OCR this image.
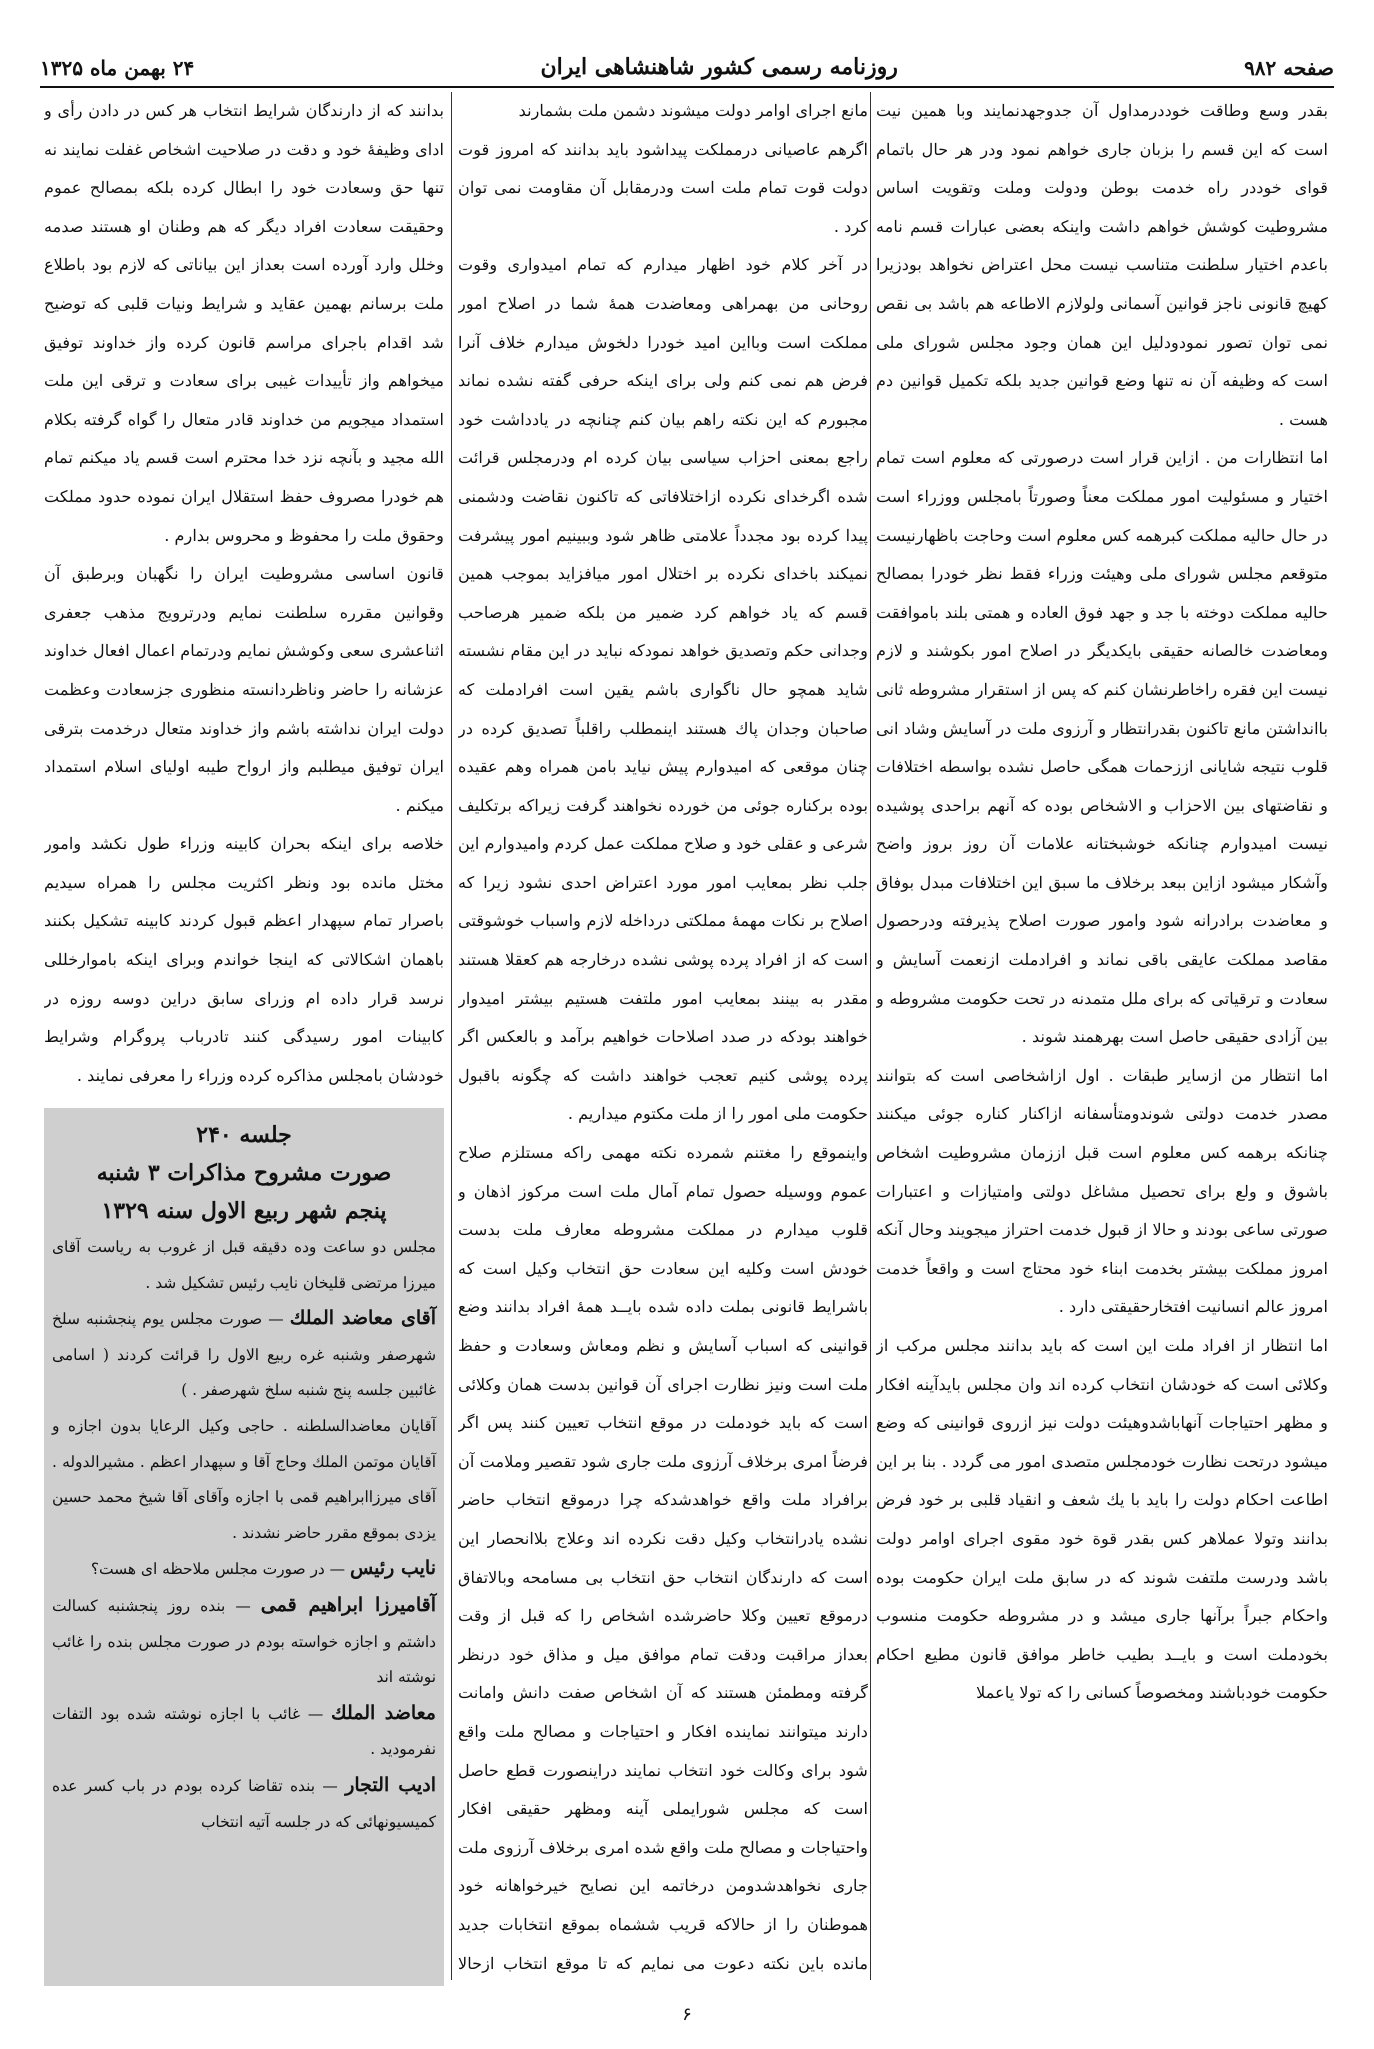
صفحه ۹۸۲
روزنامه رسمی کشور شاهنشاهی ایران
۲۴ بهمن ماه ۱۳۲۵

بقدر وسع وطاقت خوددرمداول آن جدوجهدنمایند وبا همین نیت است که این قسم را بزبان جاری خواهم نمود ودر هر حال باتمام قوای خوددر راه خدمت بوطن ودولت وملت وتقویت اساس مشروطیت کوشش خواهم داشت واینکه بعضی عبارات قسم نامه باعدم اختیار سلطنت متناسب نیست محل اعتراض نخواهد بودزیرا کهیچ قانونی ناجز قوانین آسمانی ولولازم الاطاعه هم باشد بی نقص نمی توان تصور نمودودلیل این همان وجود مجلس شورای ملی است که وظیفه آن نه تنها وضع قوانین جدید بلکه تکمیل قوانین دم هست .

اما انتظارات من . ازاین قرار است درصورتی که معلوم است تمام اختیار و مسئولیت امور مملکت معناً وصورتاً بامجلس ووزراء است در حال حالیه مملکت کبرهمه کس معلوم است وحاجت باظهارنیست متوقعم مجلس شورای ملی وهیئت وزراء فقط نظر خودرا بمصالح حالیه مملکت دوخته با جد و جهد فوق العاده و همتی بلند باموافقت ومعاضدت خالصانه حقیقی بایکدیگر در اصلاح امور بکوشند و لازم نیست این فقره راخاطرنشان کنم که پس از استقرار مشروطه ثانی باانداشتن مانع تاکنون بقدرانتظار و آرزوی ملت در آسایش وشاد انی قلوب نتیجه شایانی اززحمات همگی حاصل نشده بواسطه اختلافات و نقاضتهای بین الاحزاب و الاشخاص بوده که آنهم براحدی پوشیده نیست امیدوارم چنانکه خوشبختانه علامات آن روز بروز واضح وآشکار میشود ازاین ببعد برخلاف ما سبق این اختلافات مبدل بوفاق و معاضدت برادرانه شود وامور صورت اصلاح پذیرفته ودرحصول مقاصد مملکت عایقی باقی نماند و افرادملت ازنعمت آسایش و سعادت و ترقیاتی که برای ملل متمدنه در تحت حکومت مشروطه و بین آزادی حقیقی حاصل است بهرهمند شوند .

اما انتظار من ازسایر طبقات . اول ازاشخاصی است که بتوانند مصدر خدمت دولتی شوندومتأسفانه ازاکنار کناره جوئی میکنند چنانکه برهمه کس معلوم است قبل اززمان مشروطیت اشخاص باشوق و ولع برای تحصیل مشاغل دولتی وامتیازات و اعتبارات صورتی ساعی بودند و حالا از قبول خدمت احتراز میجویند وحال آنکه امروز مملکت بیشتر بخدمت ابناء خود محتاج است و واقعاً خدمت امروز عالم انسانیت افتخارحقیقتی دارد .

اما انتظار از افراد ملت این است که باید بدانند مجلس مرکب از وکلائی است که خودشان انتخاب کرده اند وان مجلس بایدآینه افکار و مظهر احتیاجات آنهاباشدوهیئت دولت نیز ازروی قوانینی که وضع میشود درتحت نظارت خودمجلس متصدی امور می گردد . بنا بر این اطاعت احکام دولت را باید با یك شعف و انقیاد قلبی بر خود فرض بدانند وتولا عملاهر کس بقدر قوة خود مقوی اجرای اوامر دولت باشد ودرست ملتفت شوند که در سابق ملت ایران حکومت بوده واحکام جبراً برآنها جاری میشد و در مشروطه حکومت منسوب بخودملت است و بایــد بطیب خاطر موافق قانون مطیع احکام حکومت خودباشند ومخصوصاً کسانی را که تولا یاعملا

مانع اجرای اوامر دولت میشوند دشمن ملت بشمارند

اگرهم عاصیانی درمملکت پیداشود باید بدانند که امروز قوت دولت قوت تمام ملت است ودرمقابل آن مقاومت نمی توان کرد .

در آخر کلام خود اظهار میدارم که تمام امیدواری وقوت روحانی من بهمراهی ومعاضدت همهٔ شما در اصلاح امور مملکت است وبااین امید خودرا دلخوش میدارم خلاف آنرا فرض هم نمی کنم ولی برای اینکه حرفی گفته نشده نماند مجبورم که این نکته راهم بیان کنم چنانچه در یادداشت خود راجع بمعنی احزاب سیاسی بیان کرده ام ودرمجلس قرائت شده اگرخدای نکرده ازاختلافاتی که تاکنون نقاضت ودشمنی پیدا کرده بود مجدداً علامتی ظاهر شود وببینیم امور پیشرفت نمیکند باخدای نکرده بر اختلال امور میافزاید بموجب همین قسم که یاد خواهم کرد ضمیر من بلکه ضمیر هرصاحب وجدانی حکم وتصدیق خواهد نمودکه نباید در این مقام نشسته شاید همچو حال ناگواری باشم یقین است افرادملت که صاحبان وجدان پاك هستند اینمطلب راقلباً تصدیق کرده در چنان موقعی که امیدوارم پیش نیاید بامن همراه وهم عقیده بوده برکناره جوئی من خورده نخواهند گرفت زیراکه برتکلیف شرعی و عقلی خود و صلاح مملکت عمل کردم وامیدوارم این جلب نظر بمعایب امور مورد اعتراض احدی نشود زیرا که اصلاح بر نکات مهمهٔ مملکتی درداخله لازم واسباب خوشوقتی است که از افراد پرده پوشی نشده درخارجه هم کعقلا هستند مقدر به بینند بمعایب امور ملتفت هستیم بیشتر امیدوار خواهند بودکه در صدد اصلاحات خواهیم برآمد و بالعکس اگر پرده پوشی کنیم تعجب خواهند داشت که چگونه باقبول حکومت ملی امور را از ملت مکتوم میداریم .

واینموقع را مغتنم شمرده نکته مهمی راکه مستلزم صلاح عموم ووسیله حصول تمام آمال ملت است مرکوز اذهان و قلوب میدارم در مملکت مشروطه معارف ملت بدست خودش است وکلیه این سعادت حق انتخاب وکیل است که باشرایط قانونی بملت داده شده بایــد همهٔ افراد بدانند وضع قوانینی که اسباب آسایش و نظم ومعاش وسعادت و حفظ ملت است ونیز نظارت اجرای آن قوانین بدست همان وکلائی است که باید خودملت در موقع انتخاب تعیین کنند پس اگر فرضاً امری برخلاف آرزوی ملت جاری شود تقصیر وملامت آن برافراد ملت واقع خواهدشدکه چرا درموقع انتخاب حاضر نشده یادرانتخاب وکیل دقت نکرده اند وعلاج بلاانحصار این است که دارندگان انتخاب حق انتخاب بی مسامحه وبالاتفاق درموقع تعیین وکلا حاضرشده اشخاص را که قبل از وقت بعداز مراقبت ودقت تمام موافق میل و مذاق خود درنظر گرفته ومطمئن هستند که آن اشخاص صفت دانش وامانت دارند میتوانند نماینده افکار و احتیاجات و مصالح ملت واقع شود برای وکالت خود انتخاب نمایند دراینصورت قطع حاصل است که مجلس شورایملی آینه ومظهر حقیقی افکار واحتیاجات و مصالح ملت واقع شده امری برخلاف آرزوی ملت جاری نخواهدشدومن درخاتمه این نصایح خیرخواهانه خود هموطنان را از حالاکه قریب ششماه بموقع انتخابات جدید مانده باین نکته دعوت می نمایم که تا موقع انتخاب ازحالا

بدانند که از دارندگان شرایط انتخاب هر کس در دادن رأی و ادای وظیفهٔ خود و دقت در صلاحیت اشخاص غفلت نمایند نه تنها حق وسعادت خود را ابطال کرده بلکه بمصالح عموم وحقیقت سعادت افراد دیگر که هم وطنان او هستند صدمه وخلل وارد آورده است بعداز این بیاناتی که لازم بود باطلاع ملت برسانم بهمین عقاید و شرایط ونیات قلبی که توضیح شد اقدام باجرای مراسم قانون کرده واز خداوند توفیق میخواهم واز تأییدات غیبی برای سعادت و ترقی این ملت استمداد میجویم من خداوند قادر متعال را گواه گرفته بکلام الله مجید و بآنچه نزد خدا محترم است قسم یاد میکنم تمام هم خودرا مصروف حفظ استقلال ایران نموده حدود مملکت وحقوق ملت را محفوظ و محروس بدارم .

قانون اساسی مشروطیت ایران را نگهبان وبرطبق آن وقوانین مقرره سلطنت نمایم ودرترویج مذهب جعفری اثناعشری سعی وکوشش نمایم ودرتمام اعمال افعال خداوند عزشانه را حاضر وناظردانسته منظوری جزسعادت وعظمت دولت ایران نداشته باشم واز خداوند متعال درخدمت بترقی ایران توفیق میطلبم واز ارواح طیبه اولیای اسلام استمداد میکنم .

خلاصه برای اینکه بحران کابینه وزراء طول نکشد وامور مختل مانده بود ونظر اکثریت مجلس را همراه سیدیم باصرار تمام سپهدار اعظم قبول کردند کابینه تشکیل بکنند باهمان اشکالاتی که اینجا خواندم وبرای اینکه باموارخللی نرسد قرار داده ام وزرای سابق دراین دوسه روزه در کابینات امور رسیدگی کنند تادرباب پروگرام وشرایط خودشان بامجلس مذاکره کرده وزراء را معرفی نمایند .

جلسه ۲۴۰

صورت مشروح مذاکرات ۳ شنبه

پنجم شهر ربیع الاول سنه ۱۳۲۹

مجلس دو ساعت وده دقیقه قبل از غروب به ریاست آقای میرزا مرتضی قلیخان نایب رئیس تشکیل شد .

آقای معاضد الملك — صورت مجلس یوم پنجشنبه سلخ شهرصفر وشنبه غره ربیع الاول را قرائت کردند ( اسامی غائبین جلسه پنج شنبه سلخ شهرصفر . )

آقایان معاضدالسلطنه . حاجی وکیل الرعایا بدون اجازه و آقایان موتمن الملك وحاج آقا و سپهدار اعظم . مشیرالدوله . آقای میرزاابراهیم قمی با اجازه وآقای آقا شیخ محمد حسین یزدی بموقع مقرر حاضر نشدند .

نایب رئیس — در صورت مجلس ملاحظه ای هست؟

آقامیرزا ابراهیم قمی — بنده روز پنجشنبه کسالت داشتم و اجازه خواسته بودم در صورت مجلس بنده را غائب نوشته اند

معاضد الملك — غائب با اجازه نوشته شده بود التفات نفرمودید .

ادیب التجار — بنده تقاضا کرده بودم در باب کسر عده کمیسیونهائی که در جلسه آتیه انتخاب

۶
